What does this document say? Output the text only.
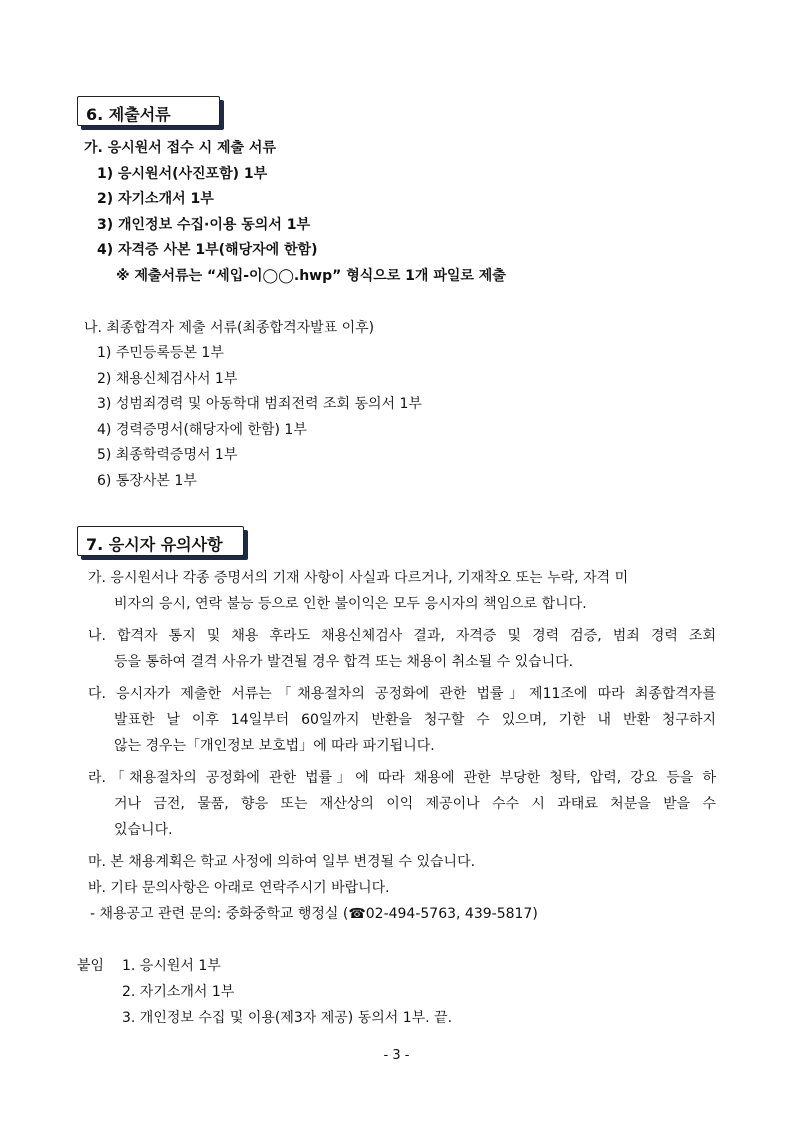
6. 제출서류
가. 응시원서 접수 시 제출 서류
1) 응시원서(사진포함) 1부
2) 자기소개서 1부
3) 개인정보 수집·이용 동의서 1부
4) 자격증 사본 1부(해당자에 한함)
※ 제출서류는 “세입-이◯◯.hwp” 형식으로 1개 파일로 제출
나. 최종합격자 제출 서류(최종합격자발표 이후)
1) 주민등록등본 1부
2) 채용신체검사서 1부
3) 성범죄경력 및 아동학대 범죄전력 조회 동의서 1부
4) 경력증명서(해당자에 한함) 1부
5) 최종학력증명서 1부
6) 통장사본 1부
7. 응시자 유의사항
가. 응시원서나 각종 증명서의 기재 사항이 사실과 다르거나, 기재착오 또는 누락, 자격 미
비자의 응시, 연락 불능 등으로 인한 불이익은 모두 응시자의 책임으로 합니다.
나. 합격자 통지 및 채용 후라도 채용신체검사 결과, 자격증 및 경력 검증, 범죄 경력 조회
등을 통하여 결격 사유가 발견될 경우 합격 또는 채용이 취소될 수 있습니다.
다. 응시자가 제출한 서류는「채용절차의 공정화에 관한 법률」제11조에 따라 최종합격자를
발표한 날 이후 14일부터 60일까지 반환을 청구할 수 있으며, 기한 내 반환 청구하지
않는 경우는「개인정보 보호법」에 따라 파기됩니다.
라.「채용절차의 공정화에 관한 법률」에 따라 채용에 관한 부당한 청탁, 압력, 강요 등을 하
거나 금전, 물품, 향응 또는 재산상의 이익 제공이나 수수 시 과태료 처분을 받을 수
있습니다.
마. 본 채용계획은 학교 사정에 의하여 일부 변경될 수 있습니다.
바. 기타 문의사항은 아래로 연락주시기 바랍니다.
- 채용공고 관련 문의: 중화중학교 행정실 (☎02-494-5763, 439-5817)
붙임 1. 응시원서 1부
2. 자기소개서 1부
3. 개인정보 수집 및 이용(제3자 제공) 동의서 1부. 끝.
- 3 -
